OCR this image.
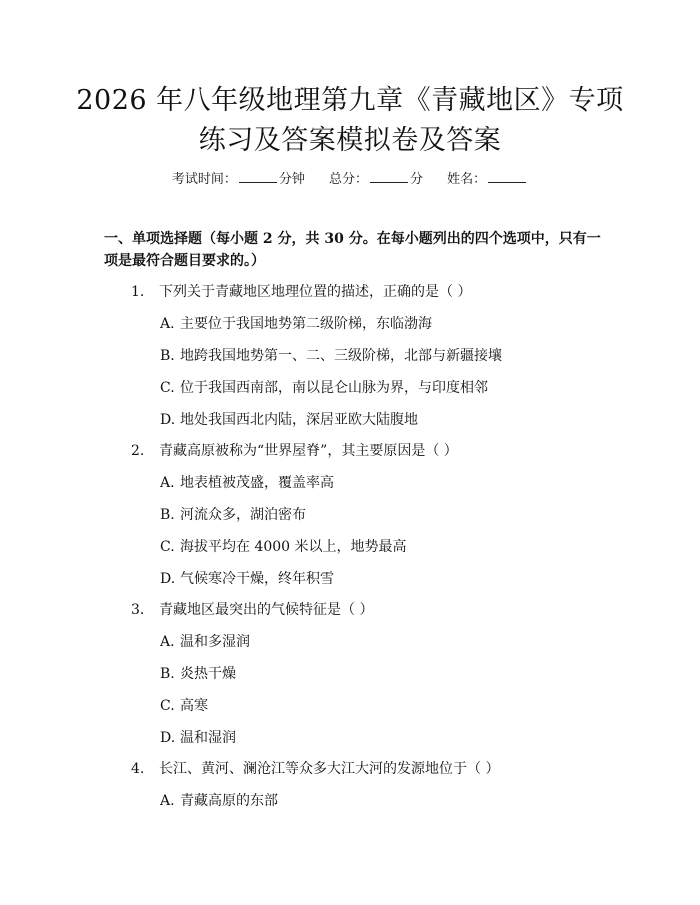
2026 年八年级地理第九章《青藏地区》专项
练习及答案模拟卷及答案
考试时间：	分钟 总分：	分 姓名：

一、单项选择题（每小题 2 分，共 30 分。在每小题列出的四个选项中，只有一项是最符合题目要求的。）

1. 下列关于青藏地区地理位置的描述，正确的是（ ）
A. 主要位于我国地势第二级阶梯，东临渤海
B. 地跨我国地势第一、二、三级阶梯，北部与新疆接壤
C. 位于我国西南部，南以昆仑山脉为界，与印度相邻
D. 地处我国西北内陆，深居亚欧大陆腹地
2. 青藏高原被称为“世界屋脊”，其主要原因是（ ）
A. 地表植被茂盛，覆盖率高
B. 河流众多，湖泊密布
C. 海拔平均在 4000 米以上，地势最高
D. 气候寒冷干燥，终年积雪
3. 青藏地区最突出的气候特征是（ ）
A. 温和多湿润
B. 炎热干燥
C. 高寒
D. 温和湿润
4. 长江、黄河、澜沧江等众多大江大河的发源地位于（ ）
A. 青藏高原的东部
